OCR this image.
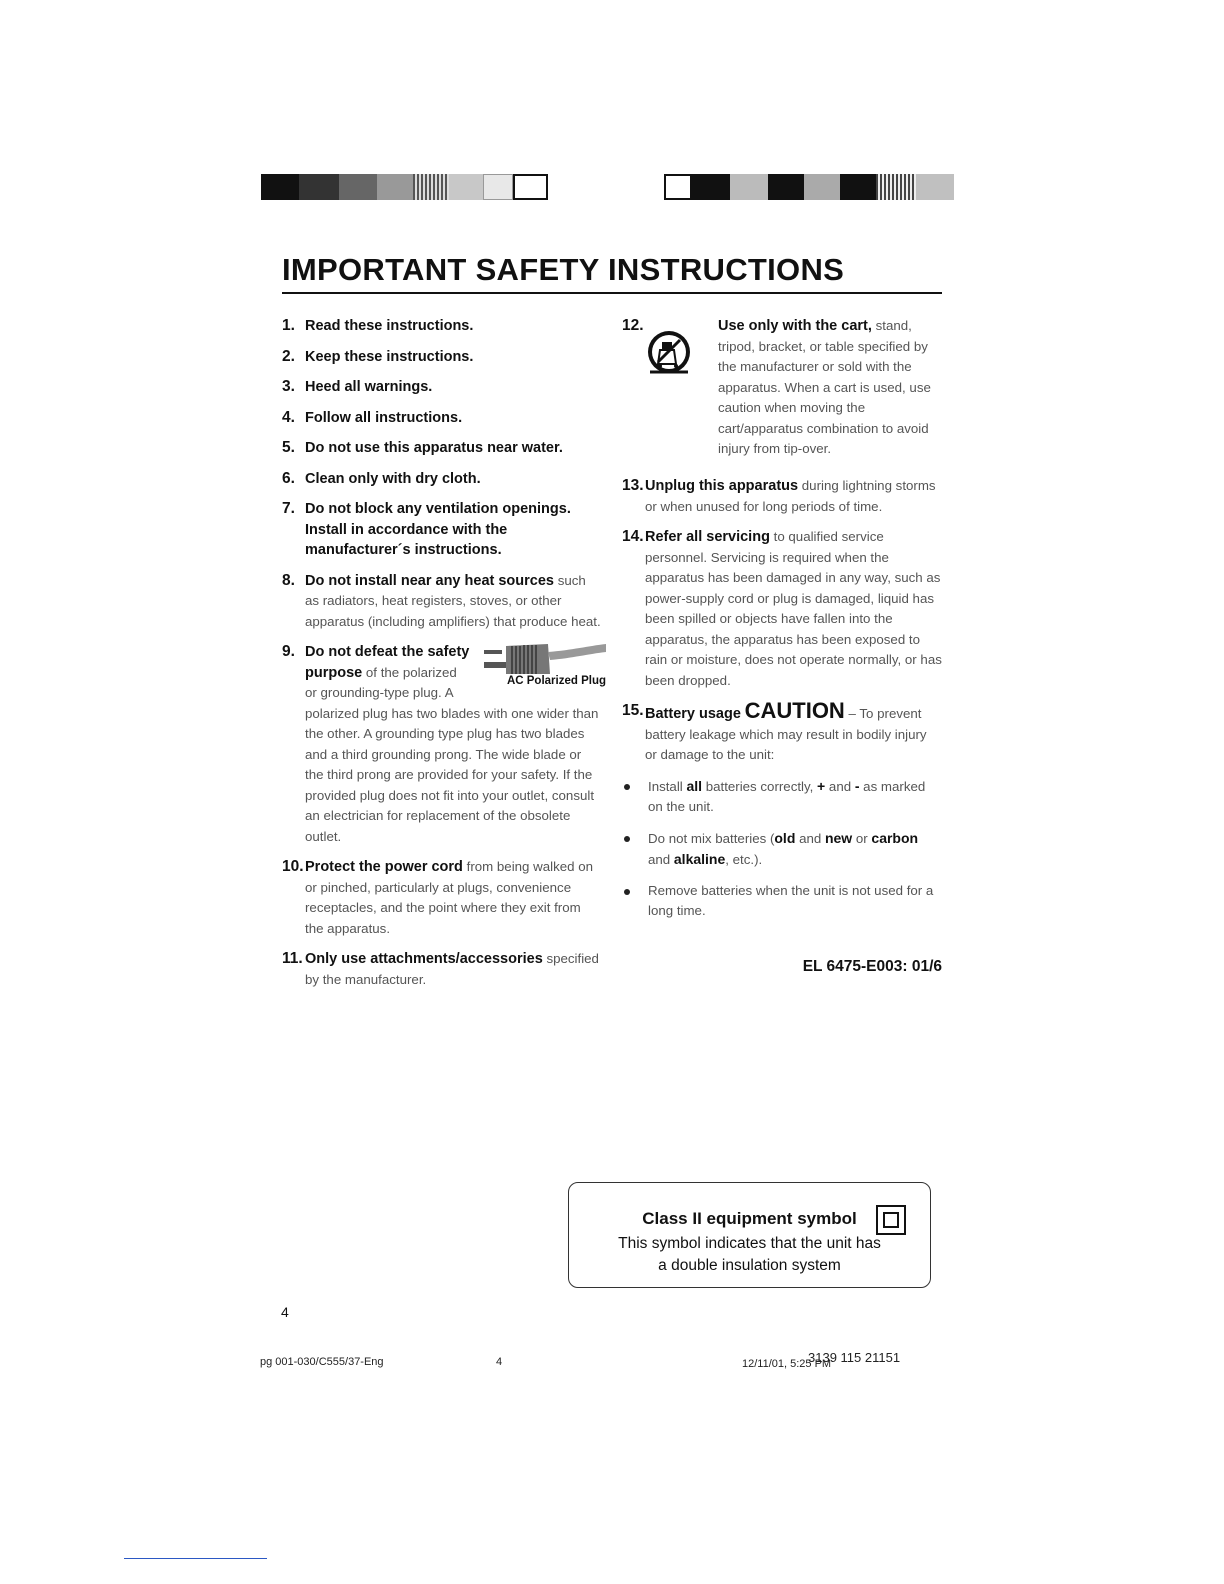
IMPORTANT SAFETY INSTRUCTIONS
1. Read these instructions.
2. Keep these instructions.
3. Heed all warnings.
4. Follow all instructions.
5. Do not use this apparatus near water.
6. Clean only with dry cloth.
7. Do not block any ventilation openings. Install in accordance with the manufacturer´s instructions.
8. Do not install near any heat sources such as radiators, heat registers, stoves, or other apparatus (including amplifiers) that produce heat.
9.
AC Polarized Plug
Do not defeat the safety purpose of the polarized or grounding-type plug. A polarized plug has two blades with one wider than the other. A grounding type plug has two blades and a third grounding prong. The wide blade or the third prong are provided for your safety. If the provided plug does not fit into your outlet, consult an electrician for replacement of the obsolete outlet.
10. Protect the power cord from being walked on or pinched, particularly at plugs, convenience receptacles, and the point where they exit from the apparatus.
11. Only use attachments/accessories specified by the manufacturer.
12.	Use only with the cart, stand, tripod, bracket, or table specified by the manufacturer or sold with the apparatus. When a cart is used, use caution when moving the cart/apparatus combination to avoid injury from tip-over.
13. Unplug this apparatus during lightning storms or when unused for long periods of time.
14. Refer all servicing to qualified service personnel. Servicing is required when the apparatus has been damaged in any way, such as power-supply cord or plug is damaged, liquid has been spilled or objects have fallen into the apparatus, the apparatus has been exposed to rain or moisture, does not operate normally, or has been dropped.
15. Battery usage CAUTION – To prevent battery leakage which may result in bodily injury or damage to the unit:
Install all batteries correctly, + and - as marked on the unit.
Do not mix batteries (old and new or carbon and alkaline, etc.).
Remove batteries when the unit is not used for a long time.
EL 6475-E003: 01/6
Class II equipment symbol
This symbol indicates that the unit has
a double insulation system
4
pg 001-030/C555/37-Eng	4	12/11/01, 5:25 PM
3139 115 21151
